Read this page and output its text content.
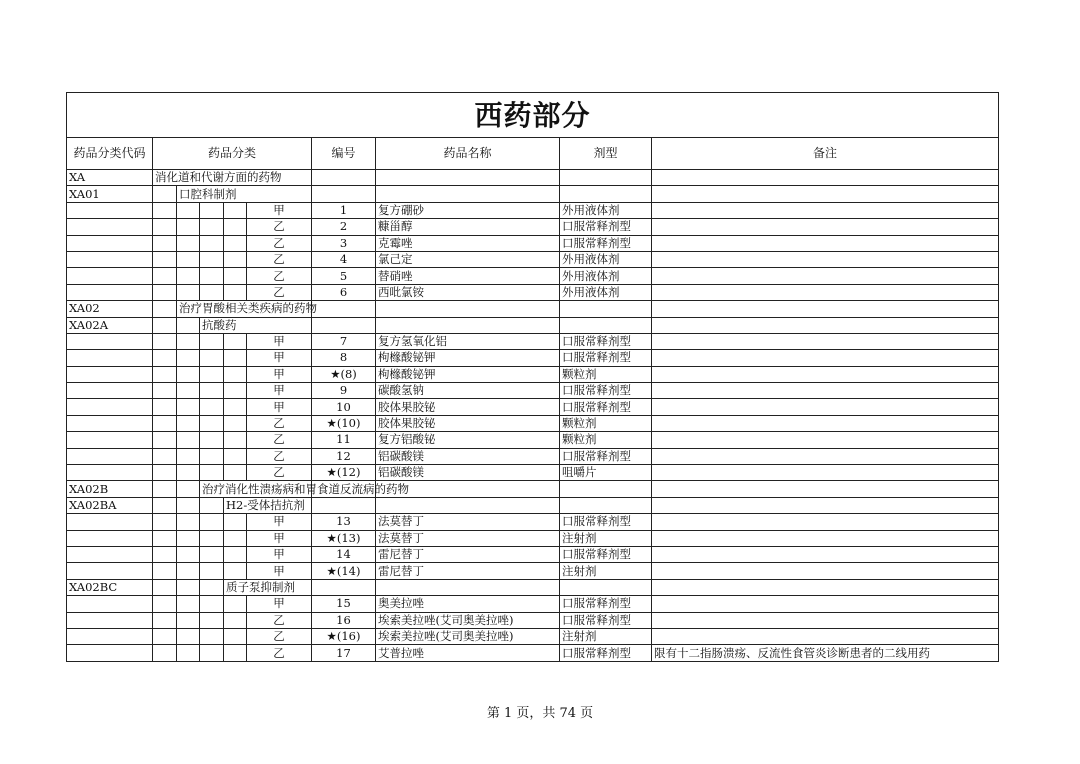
西药部分									
药品分类代码	药品分类					编号	药品名称	剂型	备注
XA	消化道和代谢方面的药物								
XA01		口腔科制剂							
					甲	1	复方硼砂	外用液体剂	
					乙	2	糠甾醇	口服常释剂型	
					乙	3	克霉唑	口服常释剂型	
					乙	4	氯己定	外用液体剂	
					乙	5	替硝唑	外用液体剂	
					乙	6	西吡氯铵	外用液体剂	
XA02		治疗胃酸相关类疾病的药物							
XA02A			抗酸药						
					甲	7	复方氢氧化铝	口服常释剂型	
					甲	8	枸橼酸铋钾	口服常释剂型	
					甲	★(8)	枸橼酸铋钾	颗粒剂	
					甲	9	碳酸氢钠	口服常释剂型	
					甲	10	胶体果胶铋	口服常释剂型	
					乙	★(10)	胶体果胶铋	颗粒剂	
					乙	11	复方铝酸铋	颗粒剂	
					乙	12	铝碳酸镁	口服常释剂型	
					乙	★(12)	铝碳酸镁	咀嚼片	
XA02B			治疗消化性溃疡病和胃食道反流病的药物						
XA02BA				H2-受体拮抗剂					
					甲	13	法莫替丁	口服常释剂型	
					甲	★(13)	法莫替丁	注射剂	
					甲	14	雷尼替丁	口服常释剂型	
					甲	★(14)	雷尼替丁	注射剂	
XA02BC				质子泵抑制剂					
					甲	15	奥美拉唑	口服常释剂型	
					乙	16	埃索美拉唑(艾司奥美拉唑)	口服常释剂型	
					乙	★(16)	埃索美拉唑(艾司奥美拉唑)	注射剂	
					乙	17	艾普拉唑	口服常释剂型	限有十二指肠溃疡、反流性食管炎诊断患者的二线用药
第 1 页，共 74 页
